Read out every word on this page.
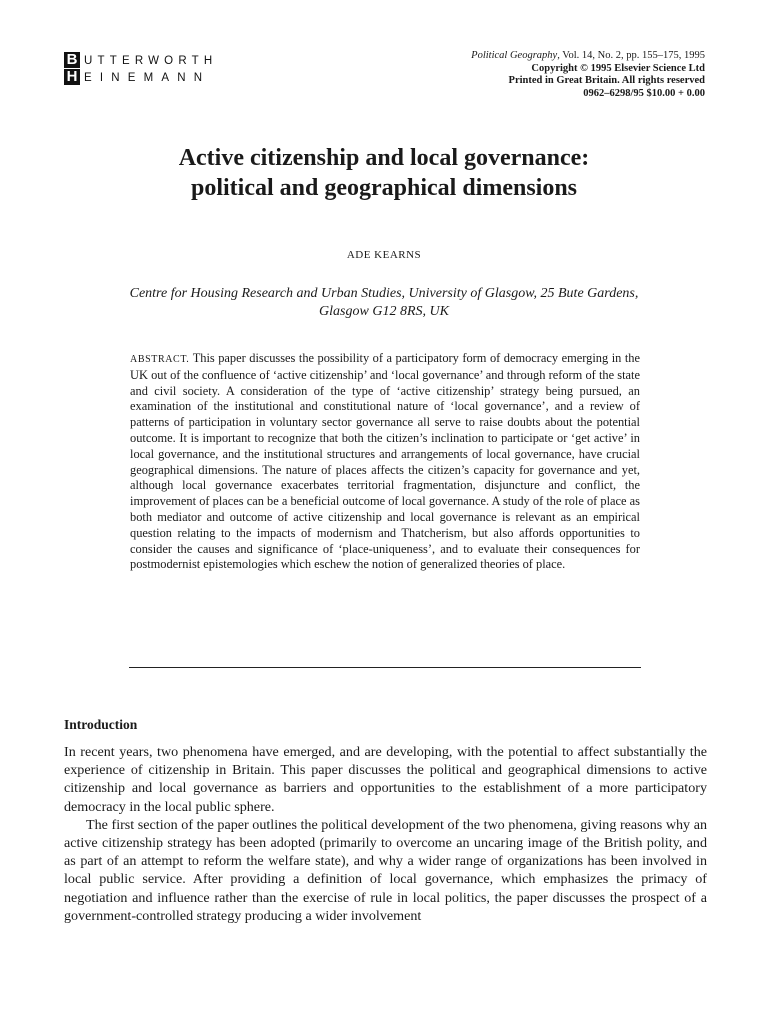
B UTTERWORTH
H EINEMANN
Political Geography, Vol. 14, No. 2, pp. 155–175, 1995
Copyright © 1995 Elsevier Science Ltd
Printed in Great Britain. All rights reserved
0962–6298/95 $10.00 + 0.00
Active citizenship and local governance:
political and geographical dimensions
ADE KEARNS
Centre for Housing Research and Urban Studies, University of Glasgow, 25 Bute Gardens,
Glasgow G12 8RS, UK
ABSTRACT. This paper discusses the possibility of a participatory form of democracy emerging in the UK out of the confluence of ‘active citizenship’ and ‘local governance’ and through reform of the state and civil society. A consideration of the type of ‘active citizenship’ strategy being pursued, an examination of the institutional and constitutional nature of ‘local governance’, and a review of patterns of participation in voluntary sector governance all serve to raise doubts about the potential outcome. It is important to recognize that both the citizen’s inclination to participate or ‘get active’ in local governance, and the institutional structures and arrangements of local governance, have crucial geographical dimensions. The nature of places affects the citizen’s capacity for governance and yet, although local governance exacerbates territorial fragmentation, disjuncture and conflict, the improvement of places can be a beneficial outcome of local governance. A study of the role of place as both mediator and outcome of active citizenship and local governance is relevant as an empirical question relating to the impacts of modernism and Thatcherism, but also affords opportunities to consider the causes and significance of ‘place-uniqueness’, and to evaluate their consequences for postmodernist epistemologies which eschew the notion of generalized theories of place.
Introduction

In recent years, two phenomena have emerged, and are developing, with the potential to affect substantially the experience of citizenship in Britain. This paper discusses the political and geographical dimensions to active citizenship and local governance as barriers and opportunities to the establishment of a more participatory democracy in the local public sphere.

The first section of the paper outlines the political development of the two phenomena, giving reasons why an active citizenship strategy has been adopted (primarily to overcome an uncaring image of the British polity, and as part of an attempt to reform the welfare state), and why a wider range of organizations has been involved in local public service. After providing a definition of local governance, which emphasizes the primacy of negotiation and influence rather than the exercise of rule in local politics, the paper discusses the prospect of a government-controlled strategy producing a wider involvement
